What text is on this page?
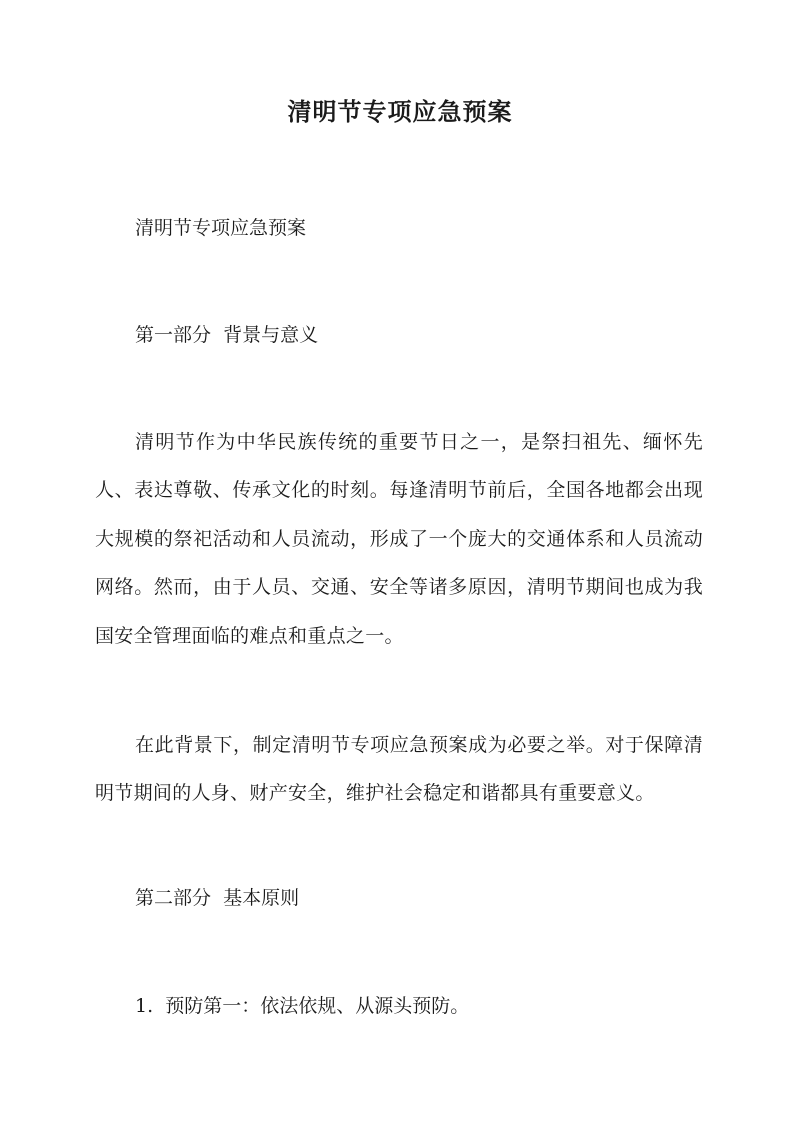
清明节专项应急预案

清明节专项应急预案

第一部分  背景与意义

清明节作为中华民族传统的重要节日之一，是祭扫祖先、缅怀先人、表达尊敬、传承文化的时刻。每逢清明节前后，全国各地都会出现大规模的祭祀活动和人员流动，形成了一个庞大的交通体系和人员流动网络。然而，由于人员、交通、安全等诸多原因，清明节期间也成为我国安全管理面临的难点和重点之一。

在此背景下，制定清明节专项应急预案成为必要之举。对于保障清明节期间的人身、财产安全，维护社会稳定和谐都具有重要意义。

第二部分  基本原则

1.  预防第一：依法依规、从源头预防。
